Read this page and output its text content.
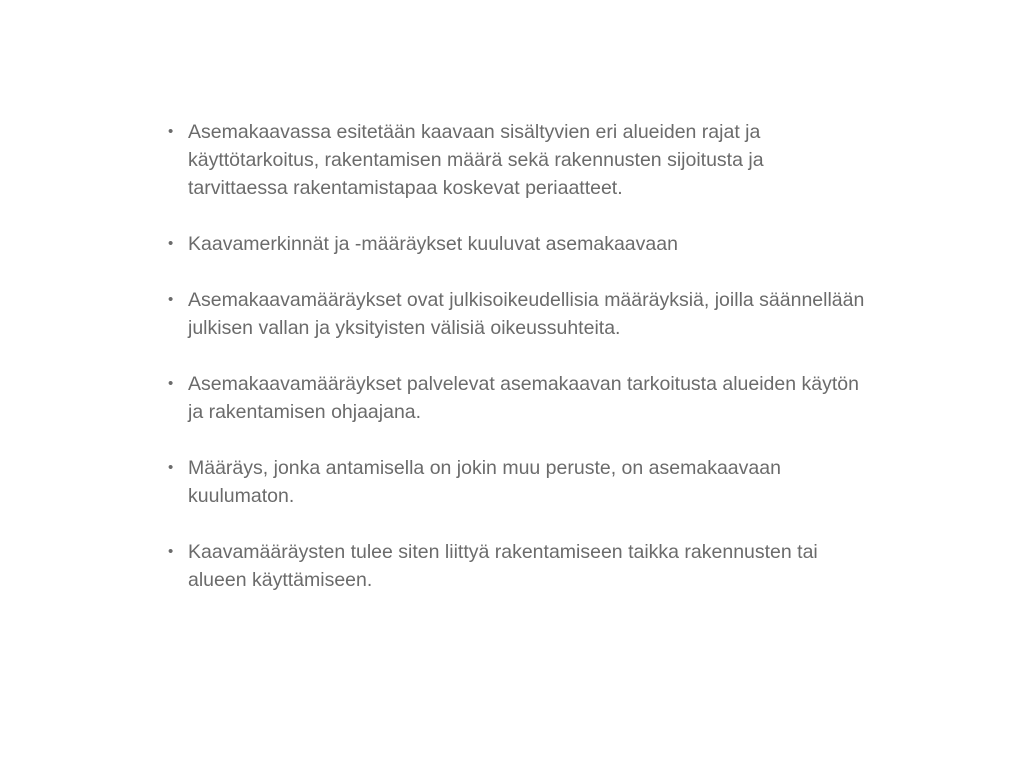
• Asemakaavassa esitetään kaavaan sisältyvien eri alueiden rajat ja
käyttötarkoitus, rakentamisen määrä sekä rakennusten sijoitusta ja
tarvittaessa rakentamistapaa koskevat periaatteet.
• Kaavamerkinnät ja -määräykset kuuluvat asemakaavaan
• Asemakaavamääräykset ovat julkisoikeudellisia määräyksiä, joilla säännellään
julkisen vallan ja yksityisten välisiä oikeussuhteita.
• Asemakaavamääräykset palvelevat asemakaavan tarkoitusta alueiden käytön
ja rakentamisen ohjaajana.
• Määräys, jonka antamisella on jokin muu peruste, on asemakaavaan
kuulumaton.
• Kaavamääräysten tulee siten liittyä rakentamiseen taikka rakennusten tai
alueen käyttämiseen.
